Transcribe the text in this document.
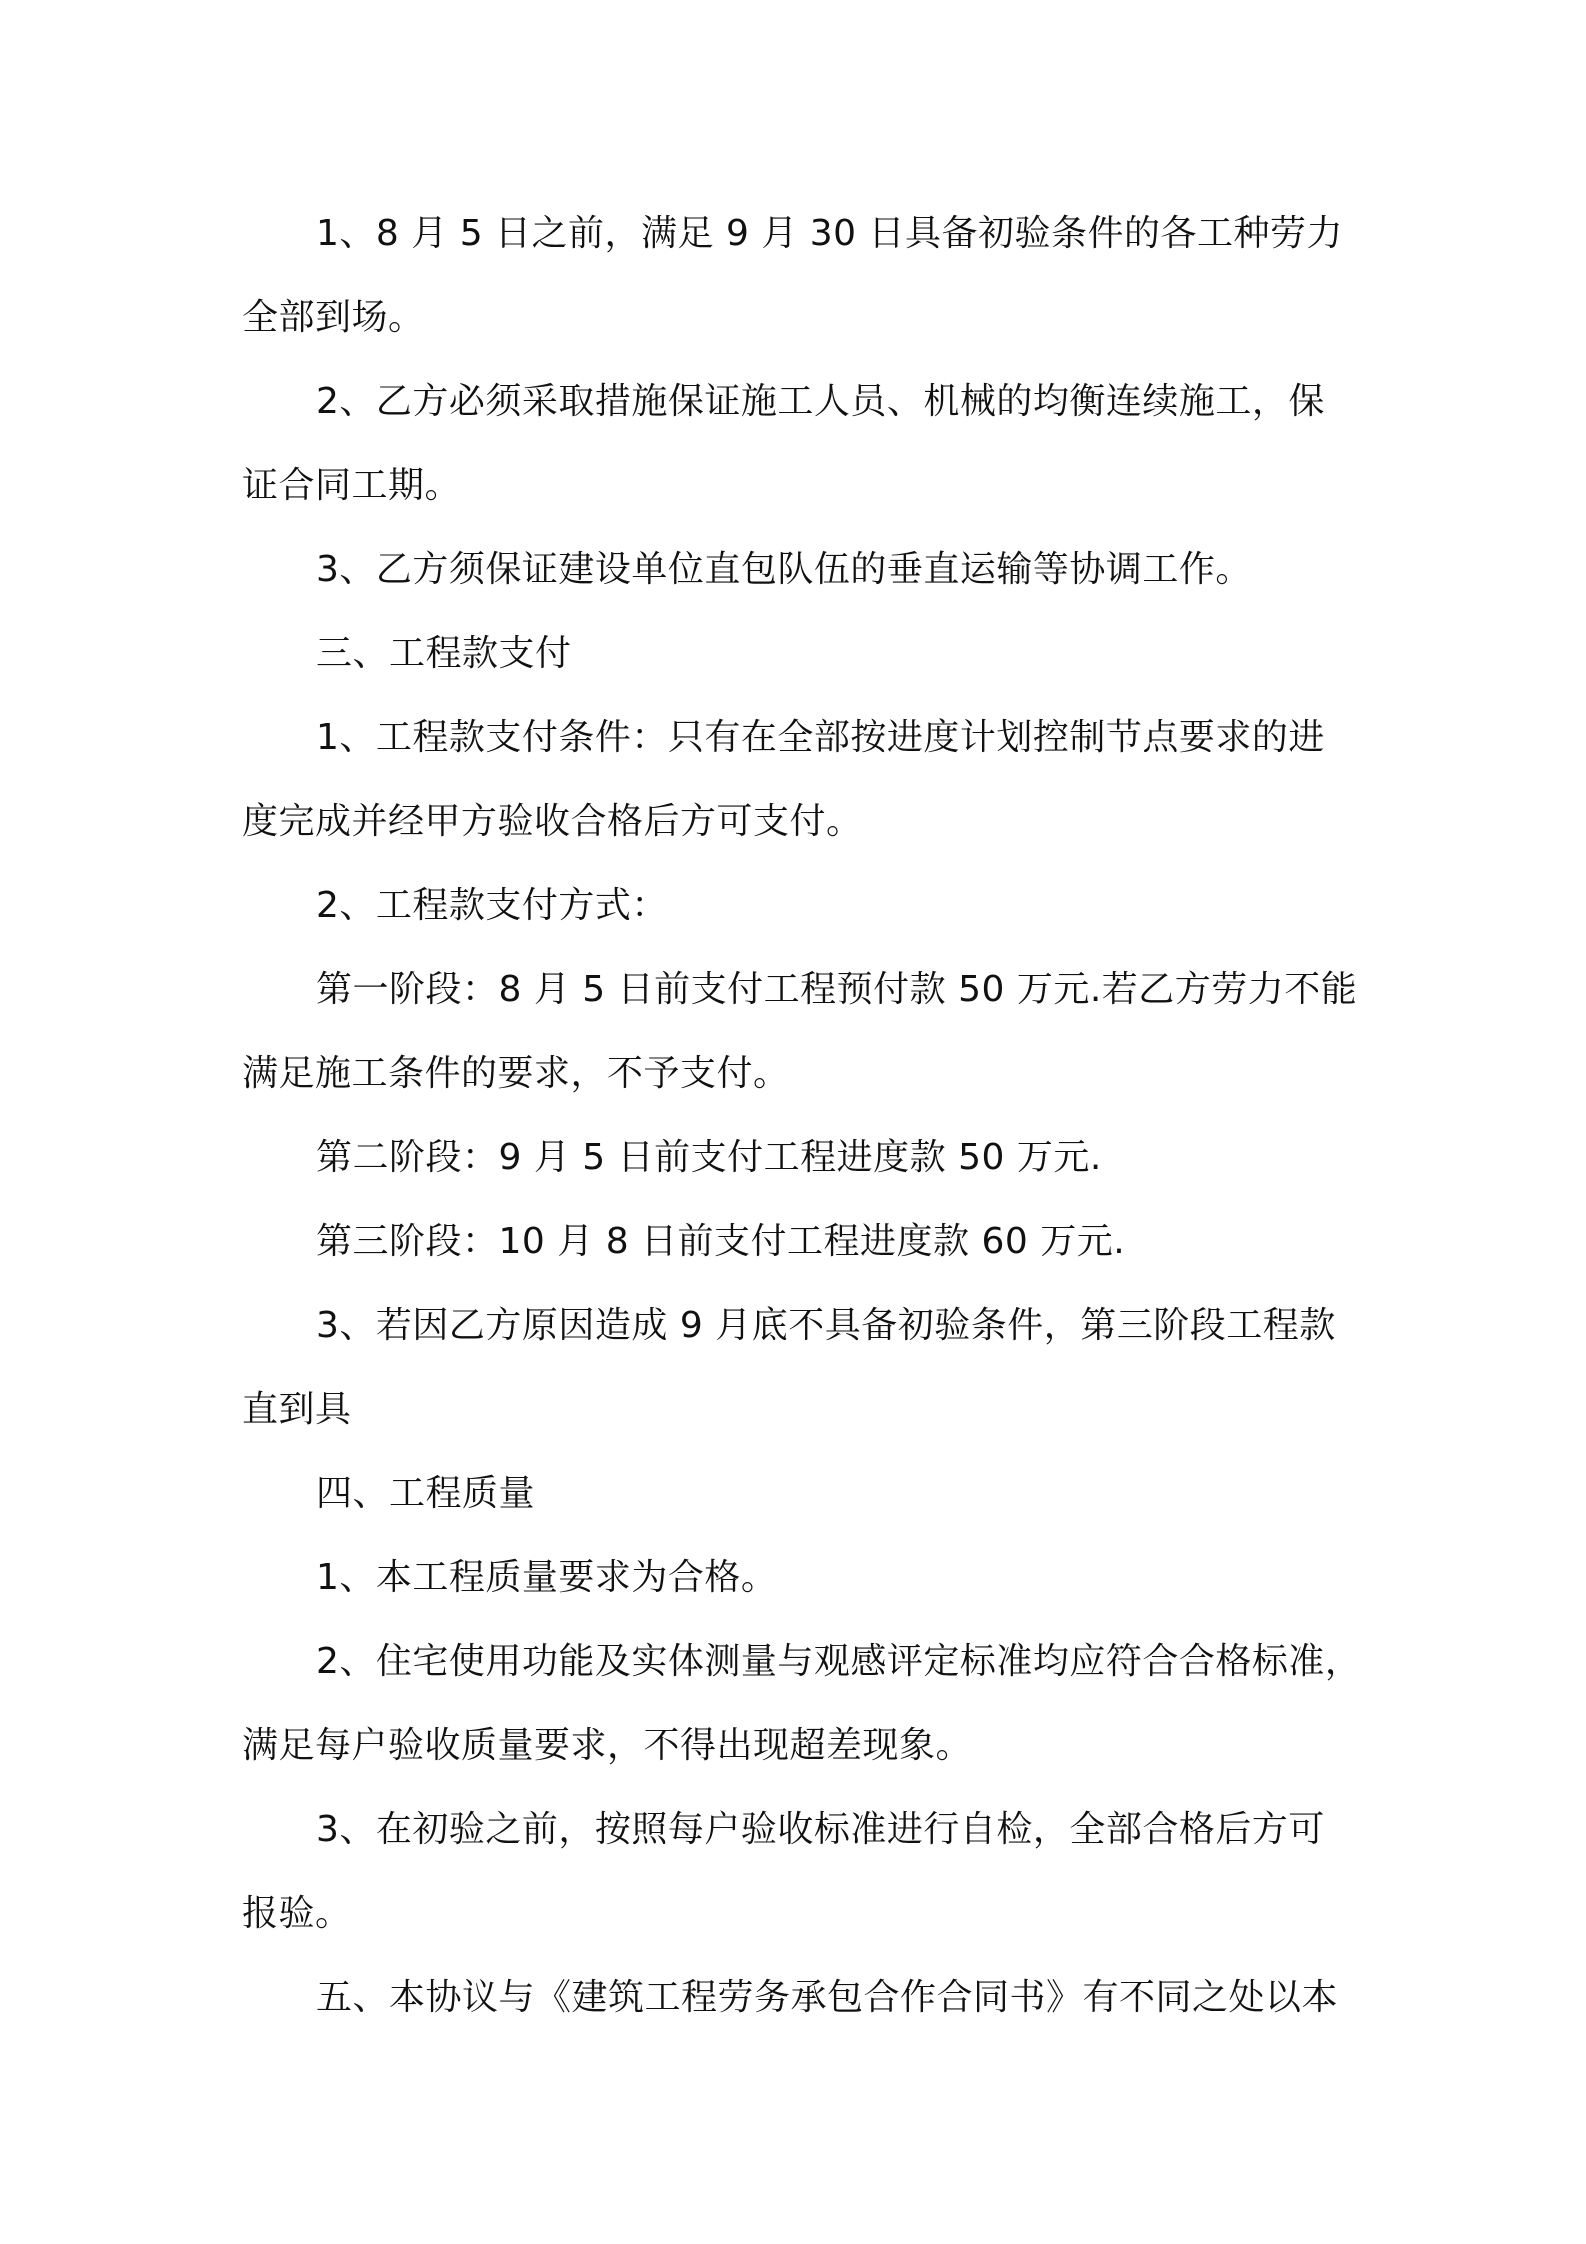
1、8 月 5 日之前，满足 9 月 30 日具备初验条件的各工种劳力
全部到场。

2、乙方必须采取措施保证施工人员、机械的均衡连续施工，保
证合同工期。

3、乙方须保证建设单位直包队伍的垂直运输等协调工作。

三、工程款支付

1、工程款支付条件：只有在全部按进度计划控制节点要求的进
度完成并经甲方验收合格后方可支付。

2、工程款支付方式：

第一阶段：8 月 5 日前支付工程预付款 50 万元.若乙方劳力不能
满足施工条件的要求，不予支付。

第二阶段：9 月 5 日前支付工程进度款 50 万元.

第三阶段：10 月 8 日前支付工程进度款 60 万元.

3、若因乙方原因造成 9 月底不具备初验条件，第三阶段工程款
直到具

四、工程质量

1、本工程质量要求为合格。

2、住宅使用功能及实体测量与观感评定标准均应符合合格标准，
满足每户验收质量要求，不得出现超差现象。

3、在初验之前，按照每户验收标准进行自检，全部合格后方可
报验。

五、本协议与《建筑工程劳务承包合作合同书》有不同之处以本
